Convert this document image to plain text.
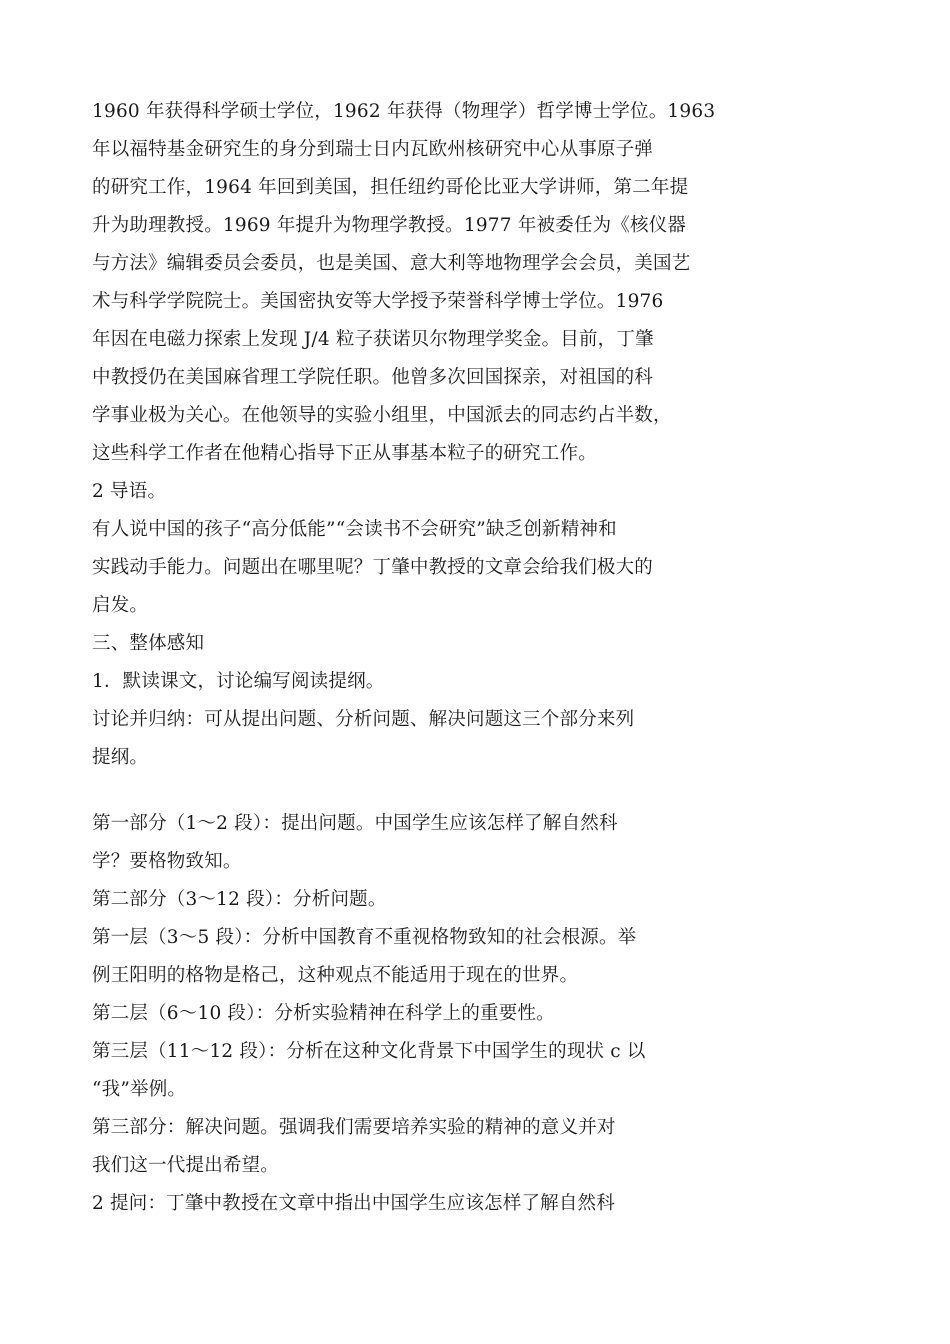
1960 年获得科学硕士学位，1962 年获得（物理学）哲学博士学位。1963
年以福特基金研究生的身分到瑞士日内瓦欧州核研究中心从事原子弹
的研究工作，1964 年回到美国，担任纽约哥伦比亚大学讲师，第二年提
升为助理教授。1969 年提升为物理学教授。1977 年被委任为《核仪器
与方法》编辑委员会委员，也是美国、意大利等地物理学会会员，美国艺
术与科学学院院士。美国密执安等大学授予荣誉科学博士学位。1976
年因在电磁力探索上发现 J/4 粒子获诺贝尔物理学奖金。目前，丁肇
中教授仍在美国麻省理工学院任职。他曾多次回国探亲，对祖国的科
学事业极为关心。在他领导的实验小组里，中国派去的同志约占半数，
这些科学工作者在他精心指导下正从事基本粒子的研究工作。
2 导语。
有人说中国的孩子“高分低能”“会读书不会研究”缺乏创新精神和
实践动手能力。问题出在哪里呢？丁肇中教授的文章会给我们极大的
启发。
三、整体感知
1．默读课文，讨论编写阅读提纲。
讨论并归纳：可从提出问题、分析问题、解决问题这三个部分来列
提纲。
第一部分（1～2 段）：提出问题。中国学生应该怎样了解自然科
学？要格物致知。
第二部分（3～12 段）：分析问题。
第一层（3～5 段）：分析中国教育不重视格物致知的社会根源。举
例王阳明的格物是格己，这种观点不能适用于现在的世界。
第二层（6～10 段）：分析实验精神在科学上的重要性。
第三层（11～12 段）：分析在这种文化背景下中国学生的现状 c 以
“我”举例。
第三部分：解决问题。强调我们需要培养实验的精神的意义并对
我们这一代提出希望。
2 提问：丁肇中教授在文章中指出中国学生应该怎样了解自然科
